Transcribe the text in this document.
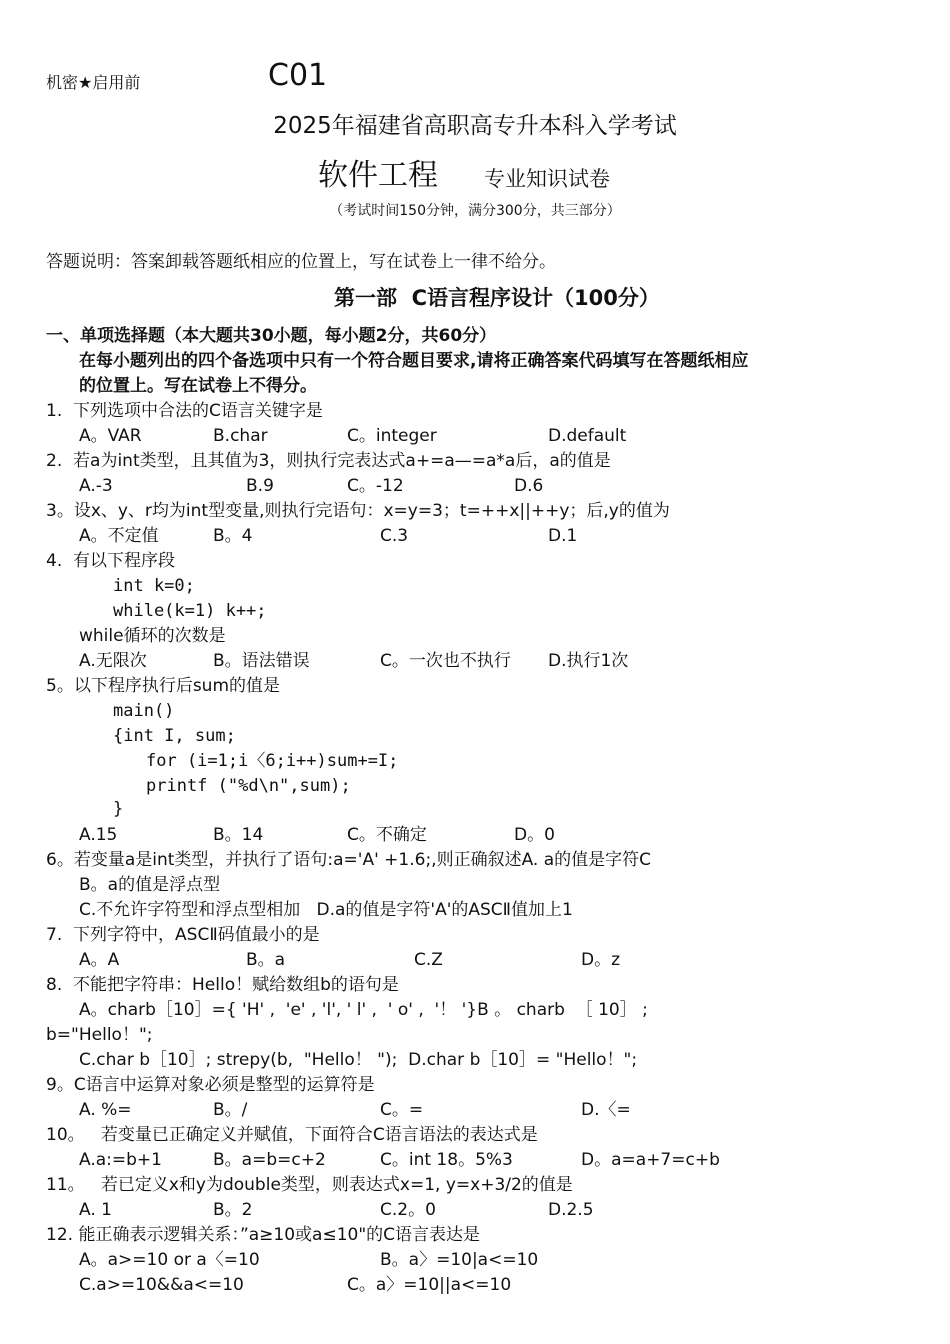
机密★启用前	C01
2025年福建省高职高专升本科入学考试
软件工程 专业知识试卷
（考试时间150分钟，满分300分，共三部分）
答题说明：答案卸载答题纸相应的位置上，写在试卷上一律不给分。
第一部  C语言程序设计（100分）
一、单项选择题（本大题共30小题，每小题2分，共60分）
在每小题列出的四个备选项中只有一个符合题目要求,请将正确答案代码填写在答题纸相应
的位置上。写在试卷上不得分。
1.  下列选项中合法的C语言关键字是
A。VAR	B.char	C。integer	D.default
2.  若a为int类型，且其值为3，则执行完表达式a+=a—=a*a后，a的值是
A.-3	B.9	C。-12	D.6
3。设x、y、r均为int型变量,则执行完语句：x=y=3；t=++x||++y；后,y的值为
A。不定值	B。4	C.3	D.1
4.  有以下程序段
int k=0;
while(k=1) k++;
while循环的次数是
A.无限次	B。语法错误	C。一次也不执行 D.执行1次
5。以下程序执行后sum的值是
main()
{int I, sum;
for (i=1;i〈6;i++)sum+=I;
printf ("%d\n",sum);
}
A.15	B。14	C。不确定	D。0
6。若变量a是int类型，并执行了语句:a='A' +1.6;,则正确叙述A. a的值是字符C
B。a的值是浮点型
C.不允许字符型和浮点型相加   D.a的值是字符'A'的ASCⅡ值加上1
7.  下列字符中，ASCⅡ码值最小的是
A。A	B。a	C.Z	D。z
8.  不能把字符串：Hello！赋给数组b的语句是
A。charb［10］={ 'H' ,  'e' , 'l', ' l' ,  ' o' ,  '！ '}B 。 charb  ［ 10］ ;
b="Hello！";
C.char b［10］; strepy(b,  "Hello！ ");  D.char b［10］= "Hello！";
9。C语言中运算对象必须是整型的运算符是
A. %=	B。/	C。=	D.〈=
10。   若变量已正确定义并赋值，下面符合C语言语法的表达式是
A.a:=b+1	B。a=b=c+2	C。int 18。5%3	D。a=a+7=c+b
11。   若已定义x和y为double类型，则表达式x=1, y=x+3/2的值是
A. 1	B。2	C.2。0	D.2.5
12. 能正确表示逻辑关系：”a≥10或a≤10"的C语言表达是
A。a>=10 or a〈=10	B。a〉=10|a<=10
C.a>=10&&a<=10	C。a〉=10||a<=10
